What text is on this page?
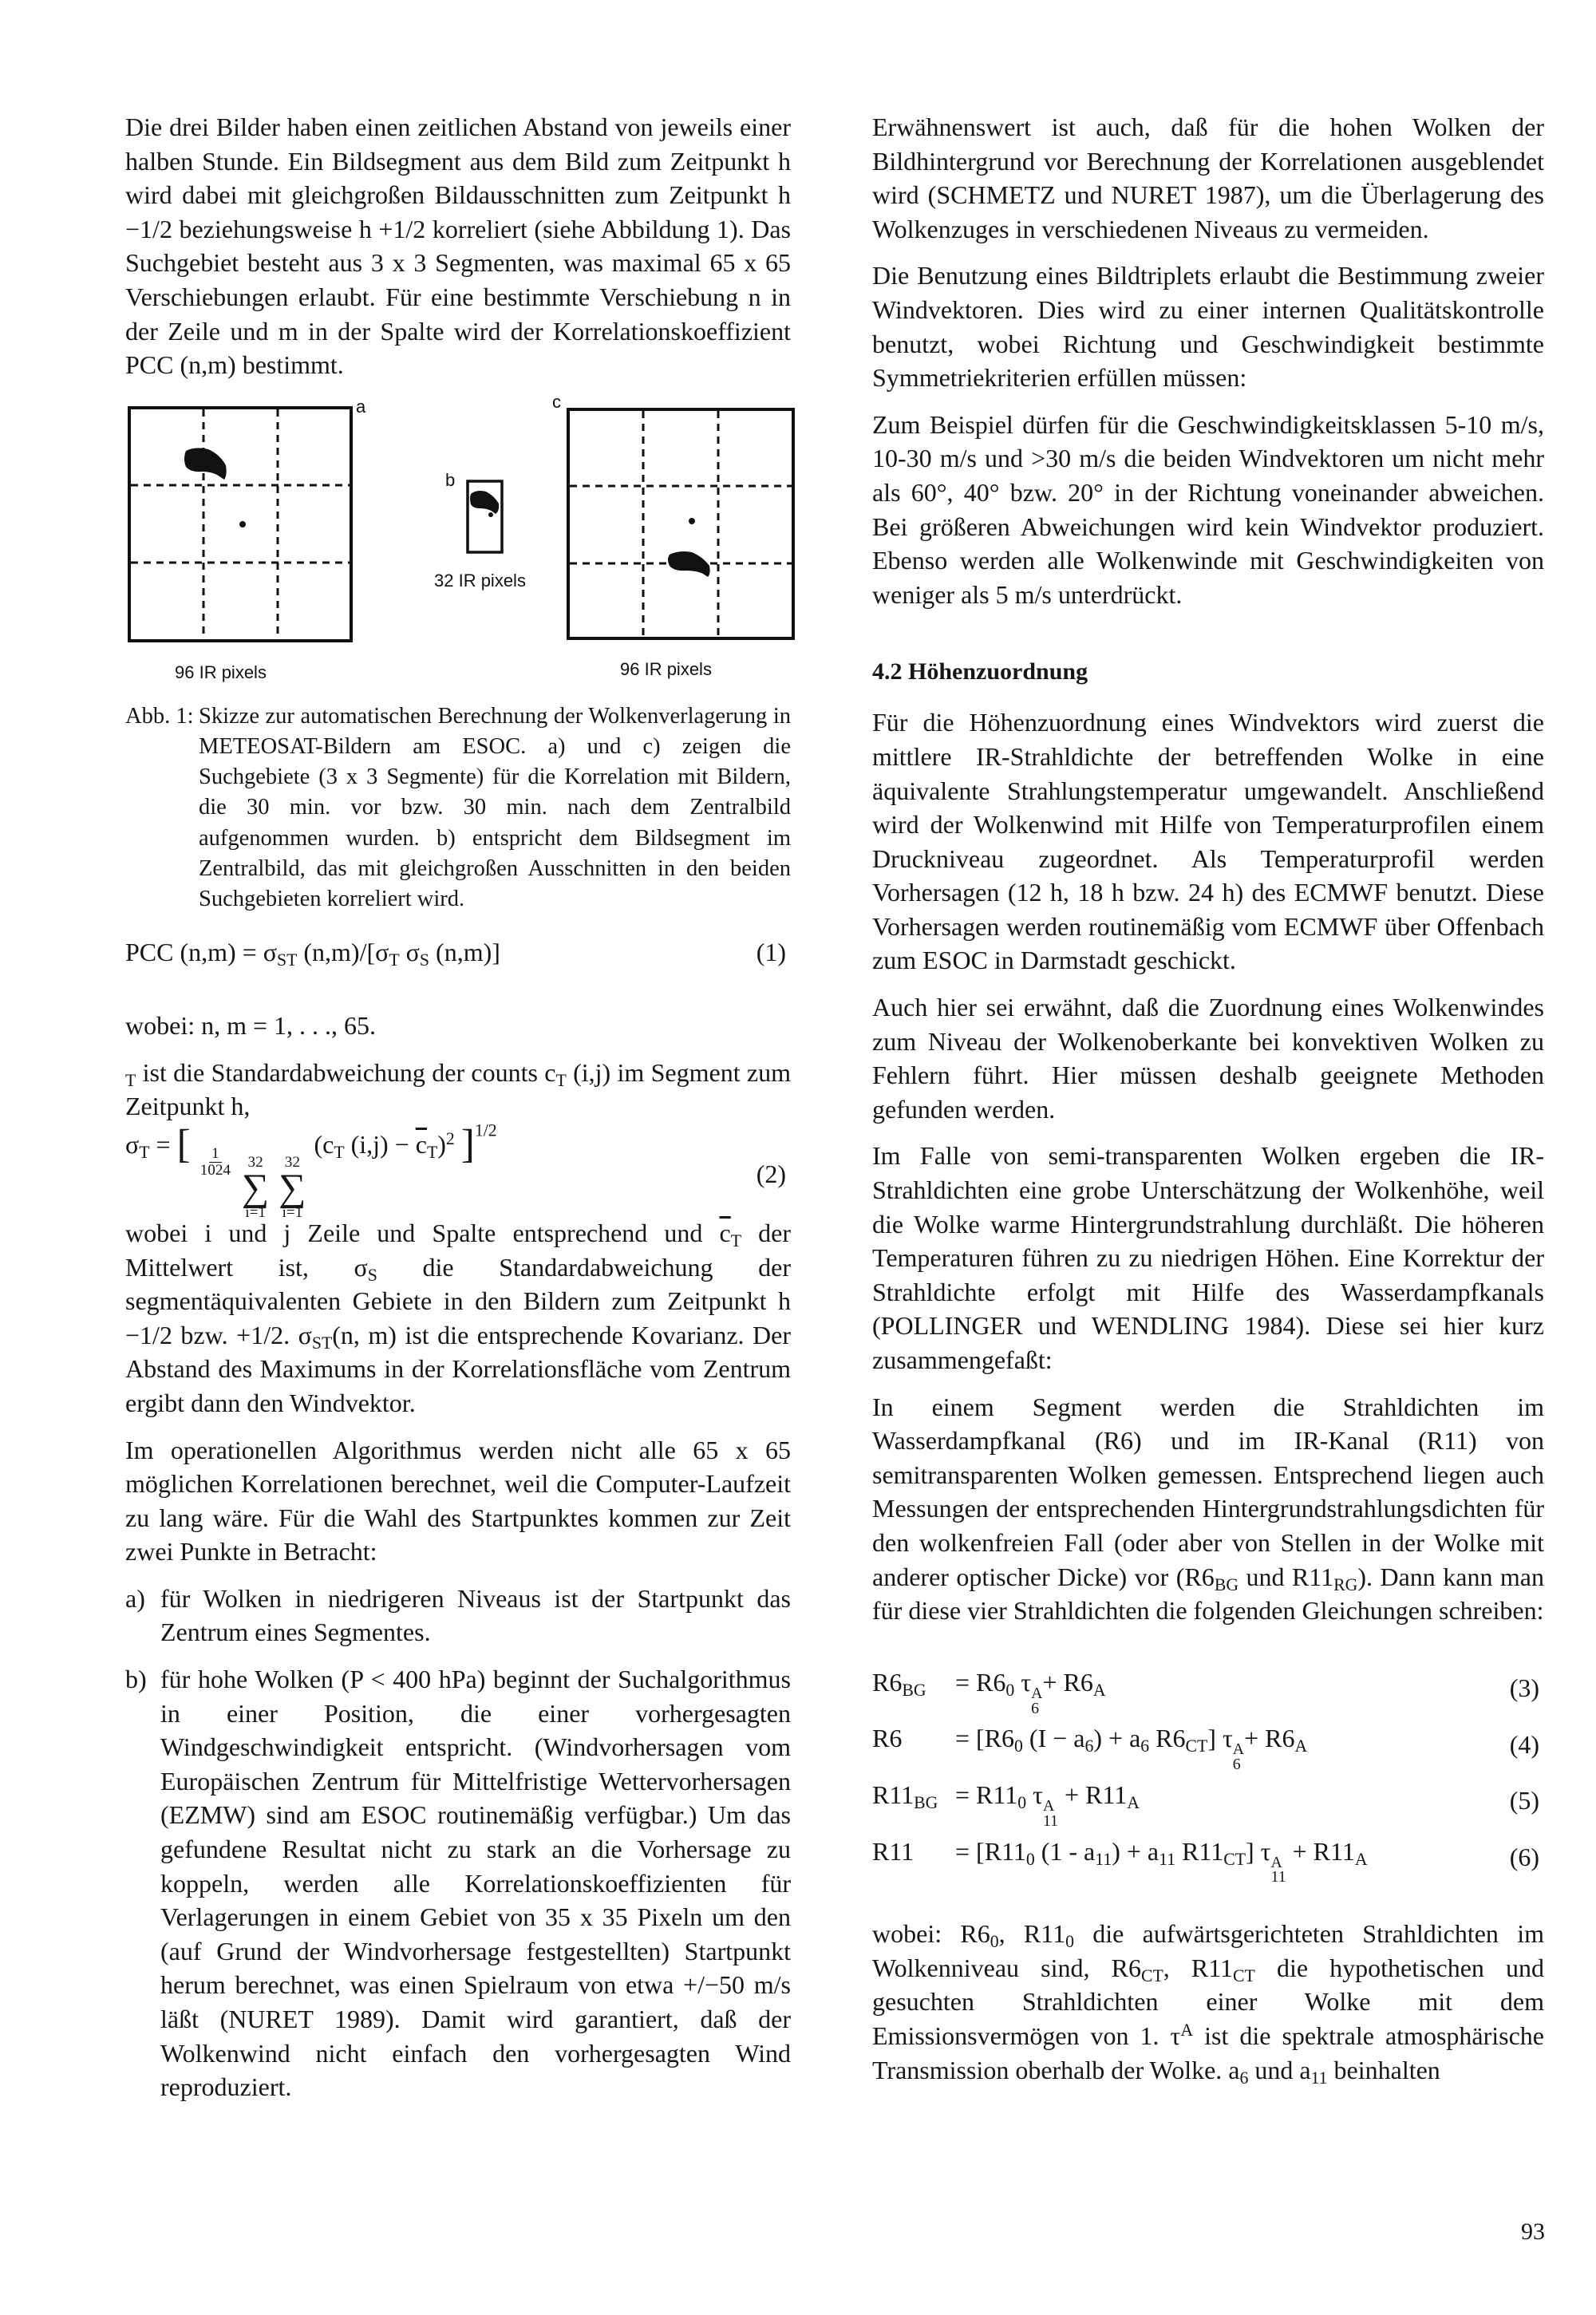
Die drei Bilder haben einen zeitlichen Abstand von jeweils einer halben Stunde. Ein Bildsegment aus dem Bild zum Zeitpunkt h wird dabei mit gleichgroßen Bildausschnitten zum Zeitpunkt h −1/2 beziehungsweise h +1/2 korreliert (siehe Abbildung 1). Das Suchgebiet besteht aus 3 x 3 Segmenten, was maximal 65 x 65 Verschiebungen erlaubt. Für eine bestimmte Verschiebung n in der Zeile und m in der Spalte wird der Korrelationskoeffizient PCC (n,m) bestimmt.

a
b
c
32 IR pixels
96 IR pixels	96 IR pixels
Abb. 1: Skizze zur automatischen Berechnung der Wolkenverlagerung in METEOSAT-Bildern am ESOC. a) und c) zeigen die Suchgebiete (3 x 3 Segmente) für die Korrelation mit Bildern, die 30 min. vor bzw. 30 min. nach dem Zentralbild aufgenommen wurden. b) entspricht dem Bildsegment im Zentralbild, das mit gleichgroßen Ausschnitten in den beiden Suchgebieten korreliert wird.
PCC $(n,m) = \sigma_{ST}$ $(n,m)/[\sigma_T$ $\sigma_S$ (n,m)]	(1)

wobei: n, m = 1, . . ., 65.

$_T$ ist die Standardabweichung der counts $c_T$ (i,j) im Segment zum Zeitpunkt h,

$\sigma_T$ = [ $\frac{1}{1024}$
32
∑
i=1

32
∑
i=1
($c_T$ $(i,j) - \overline{c}_T)^2$ ]$^{1/2}$
(2)

wobei i und j Zeile und Spalte entsprechend und $\overline{c}_T$ der Mittelwert ist, $\sigma_S$ die Standardabweichung der segmentäquivalenten Gebiete in den Bildern zum Zeitpunkt h −1/2 bzw. +1/2. $\sigma_{ST}(n$, m) ist die entsprechende Kovarianz. Der Abstand des Maximums in der Korrelationsfläche vom Zentrum ergibt dann den Windvektor.

Im operationellen Algorithmus werden nicht alle 65 x 65 möglichen Korrelationen berechnet, weil die Computer-Laufzeit zu lang wäre. Für die Wahl des Startpunktes kommen zur Zeit zwei Punkte in Betracht:

a) für Wolken in niedrigeren Niveaus ist der Startpunkt das Zentrum eines Segmentes.

b) für hohe Wolken (P < 400 hPa) beginnt der Suchalgorithmus in einer Position, die einer vorhergesagten Windgeschwindigkeit entspricht. (Windvorhersagen vom Europäischen Zentrum für Mittelfristige Wettervorhersagen (EZMW) sind am ESOC routinemäßig verfügbar.) Um das gefundene Resultat nicht zu stark an die Vorhersage zu koppeln, werden alle Korrelationskoeffizienten für Verlagerungen in einem Gebiet von 35 x 35 Pixeln um den (auf Grund der Windvorhersage festgestellten) Startpunkt herum berechnet, was einen Spielraum von etwa +/−50 m/s läßt (NURET 1989). Damit wird garantiert, daß der Wolkenwind nicht einfach den vorhergesagten Wind reproduziert.

Erwähnenswert ist auch, daß für die hohen Wolken der Bildhintergrund vor Berechnung der Korrelationen ausgeblendet wird (SCHMETZ und NURET 1987), um die Überlagerung des Wolkenzuges in verschiedenen Niveaus zu vermeiden.

Die Benutzung eines Bildtriplets erlaubt die Bestimmung zweier Windvektoren. Dies wird zu einer internen Qualitätskontrolle benutzt, wobei Richtung und Geschwindigkeit bestimmte Symmetriekriterien erfüllen müssen:

Zum Beispiel dürfen für die Geschwindigkeitsklassen 5-10 m/s, 10-30 m/s und >30 m/s die beiden Windvektoren um nicht mehr als 60°, 40° bzw. 20° in der Richtung voneinander abweichen. Bei größeren Abweichungen wird kein Windvektor produziert. Ebenso werden alle Wolkenwinde mit Geschwindigkeiten von weniger als 5 m/s unterdrückt.

4.2 Höhenzuordnung

Für die Höhenzuordnung eines Windvektors wird zuerst die mittlere IR-Strahldichte der betreffenden Wolke in eine äquivalente Strahlungstemperatur umgewandelt. Anschließend wird der Wolkenwind mit Hilfe von Temperaturprofilen einem Druckniveau zugeordnet. Als Temperaturprofil werden Vorhersagen (12 h, 18 h bzw. 24 h) des ECMWF benutzt. Diese Vorhersagen werden routinemäßig vom ECMWF über Offenbach zum ESOC in Darmstadt geschickt.

Auch hier sei erwähnt, daß die Zuordnung eines Wolkenwindes zum Niveau der Wolkenoberkante bei konvektiven Wolken zu Fehlern führt. Hier müssen deshalb geeignete Methoden gefunden werden.

Im Falle von semi-transparenten Wolken ergeben die IR-Strahldichten eine grobe Unterschätzung der Wolkenhöhe, weil die Wolke warme Hintergrundstrahlung durchläßt. Die höheren Temperaturen führen zu zu niedrigen Höhen. Eine Korrektur der Strahldichte erfolgt mit Hilfe des Wasserdampfkanals (POLLINGER und WENDLING 1984). Diese sei hier kurz zusammengefaßt:

In einem Segment werden die Strahldichten im Wasserdampfkanal (R6) und im IR-Kanal (R11) von semitransparenten Wolken gemessen. Entsprechend liegen auch Messungen der entsprechenden Hintergrundstrahlungsdichten für den wolkenfreien Fall (oder aber von Stellen in der Wolke mit anderer optischer Dicke) vor ($R6_{BG}$ und $R11_{RG}$). Dann kann man für diese vier Strahldichten die folgenden Gleichungen schreiben:

$R6_{BG} = R6_0$ τ A
6
+ $R6_A$	(3)
$R6 = [R6_0$ $(I - a_6) + a_6$ $R6_{CT}$] τ A
6
+ $R6_A$	(4)
$R11_{BG} = R11_0$ τ A
11
+ $R11_A$	(5)
$R11 = [R11_0$ $(1 - a_{11}) + a_{11}$ $R11_{CT}$] τ A
11
+ $R11_A$	(6)

wobei: $R6_0$, $R11_0$ die aufwärtsgerichteten Strahldichten im Wolkenniveau sind, $R6_{CT}$, $R11_{CT}$ die hypothetischen und gesuchten Strahldichten einer Wolke mit dem Emissionsvermögen von 1. $\tau^A$ ist die spektrale atmosphärische Transmission oberhalb der Wolke. $a_6$ und $a_{11}$ beinhalten

93
